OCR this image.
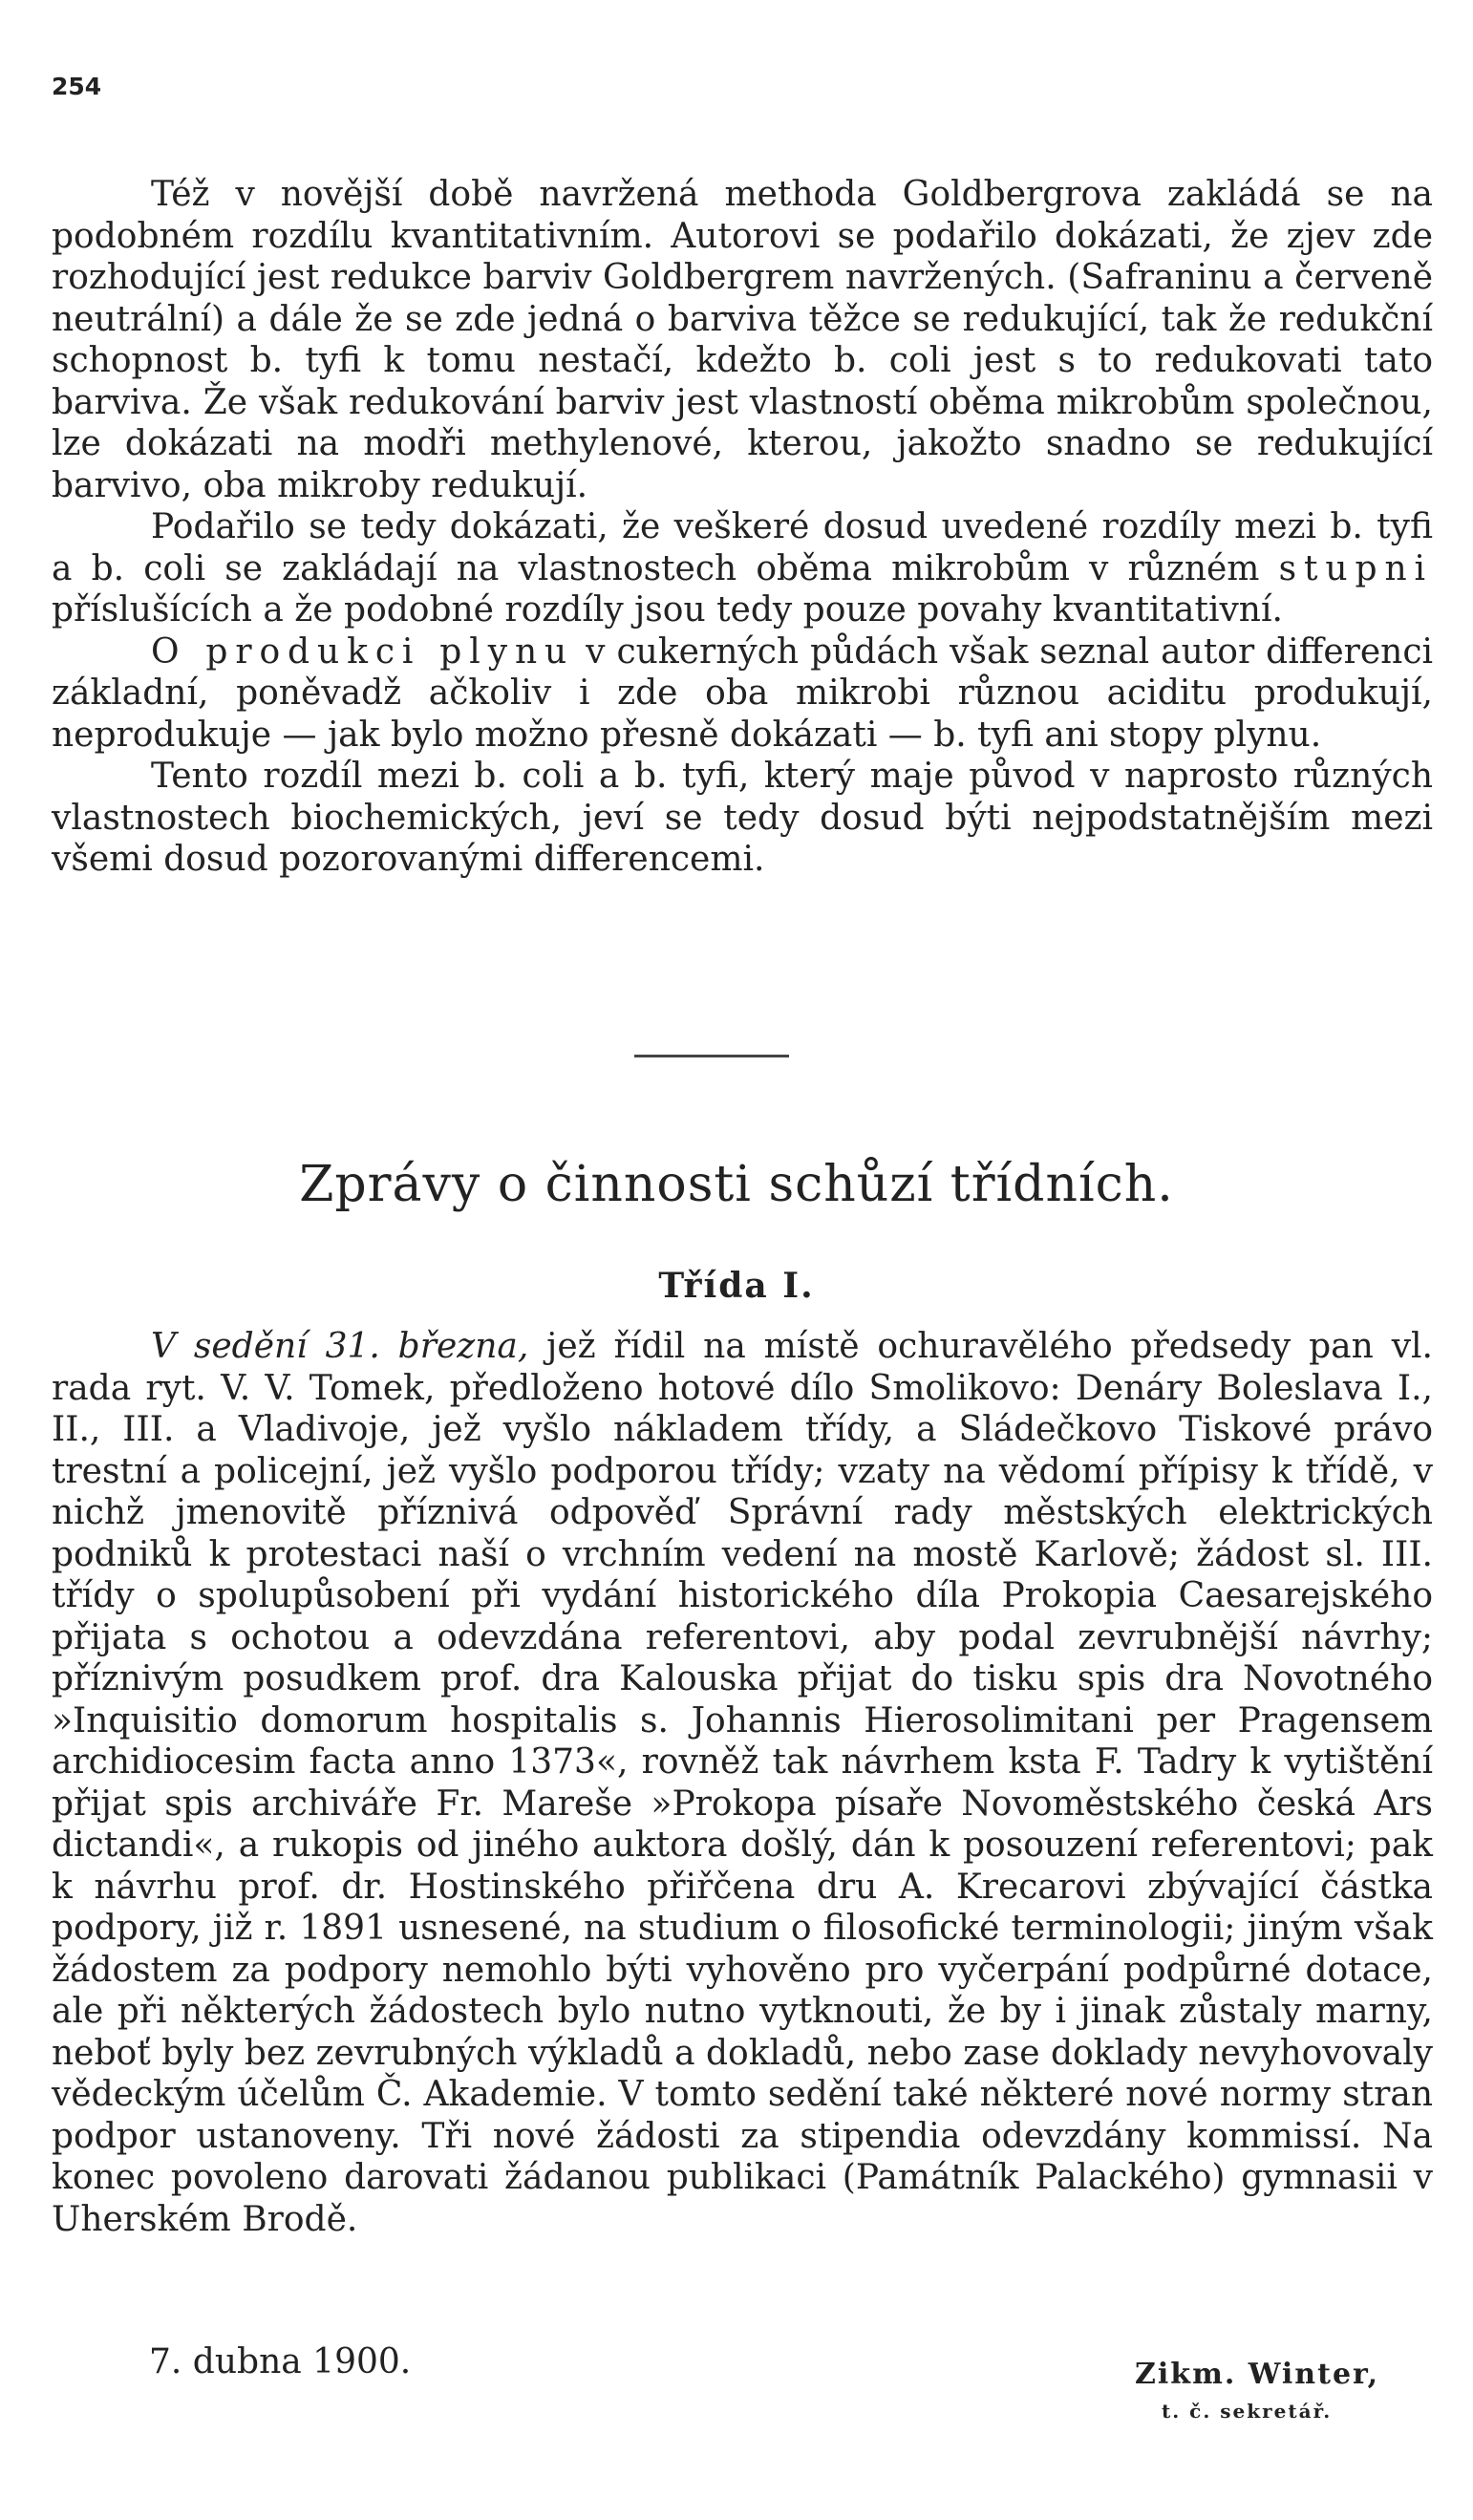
254

Též v novější době navržená methoda Goldbergrova zakládá se na podobném rozdílu kvantitativním. Autorovi se podařilo dokázati, že zjev zde rozhodující jest redukce barviv Goldbergrem navržených. (Safraninu a červeně neutrální) a dále že se zde jedná o barviva těžce se redukující, tak že redukční schopnost b. tyfi k tomu nestačí, kdežto b. coli jest s to redukovati tato barviva. Že však redukování barviv jest vlastností oběma mikrobům společnou, lze dokázati na modři methylenové, kterou, jakožto snadno se redukující barvivo, oba mikroby redukují.

Podařilo se tedy dokázati, že veškeré dosud uvedené rozdíly mezi b. tyfi a b. coli se zakládají na vlastnostech oběma mikrobům v různém stupni příslušících a že podobné rozdíly jsou tedy pouze povahy kvantitativní.

O produkci plynu v cukerných půdách však seznal autor differenci základní, poněvadž ačkoliv i zde oba mikrobi různou aciditu produkují, neprodukuje — jak bylo možno přesně dokázati — b. tyfi ani stopy plynu.

Tento rozdíl mezi b. coli a b. tyfi, který maje původ v naprosto různých vlastnostech biochemických, jeví se tedy dosud býti nejpodstatnějším mezi všemi dosud pozorovanými differencemi.

Zprávy o činnosti schůzí třídních.
Třída I.

V sedění 31. března, jež řídil na místě ochuravělého předsedy pan vl. rada ryt. V. V. Tomek, předloženo hotové dílo Smolikovo: Denáry Boleslava I., II., III. a Vladivoje, jež vyšlo nákladem třídy, a Sládečkovo Tiskové právo trestní a policejní, jež vyšlo podporou třídy; vzaty na vědomí přípisy k třídě, v nichž jmenovitě příznivá odpověď Správní rady městských elektrických podniků k protestaci naší o vrchním vedení na mostě Karlově; žádost sl. III. třídy o spolupůsobení při vydání historického díla Prokopia Caesarejského přijata s ochotou a odevzdána referentovi, aby podal zevrubnější návrhy; příznivým posudkem prof. dra Kalouska přijat do tisku spis dra Novotného »Inquisitio domorum hospitalis s. Johannis Hierosolimitani per Pragensem archidiocesim facta anno 1373«, rovněž tak návrhem ksta F. Tadry k vytištění přijat spis archiváře Fr. Mareše »Prokopa písaře Novoměstského česká Ars dictandi«, a rukopis od jiného auktora došlý, dán k posouzení referentovi; pak k návrhu prof. dr. Hostinského přiřčena dru A. Krecarovi zbývající částka podpory, již r. 1891 usnesené, na studium o filosofické terminologii; jiným však žádostem za podpory nemohlo býti vyhověno pro vyčerpání podpůrné dotace, ale při některých žádostech bylo nutno vytknouti, že by i jinak zůstaly marny, neboť byly bez zevrubných výkladů a dokladů, nebo zase doklady nevyhovovaly vědeckým účelům Č. Akademie. V tomto sedění také některé nové normy stran podpor ustanoveny. Tři nové žádosti za stipendia odevzdány kommissí. Na konec povoleno darovati žádanou publikaci (Památník Palackého) gymnasii v Uherském Brodě.

7. dubna 1900.	Zikm. Winter,
t. č. sekretář.
